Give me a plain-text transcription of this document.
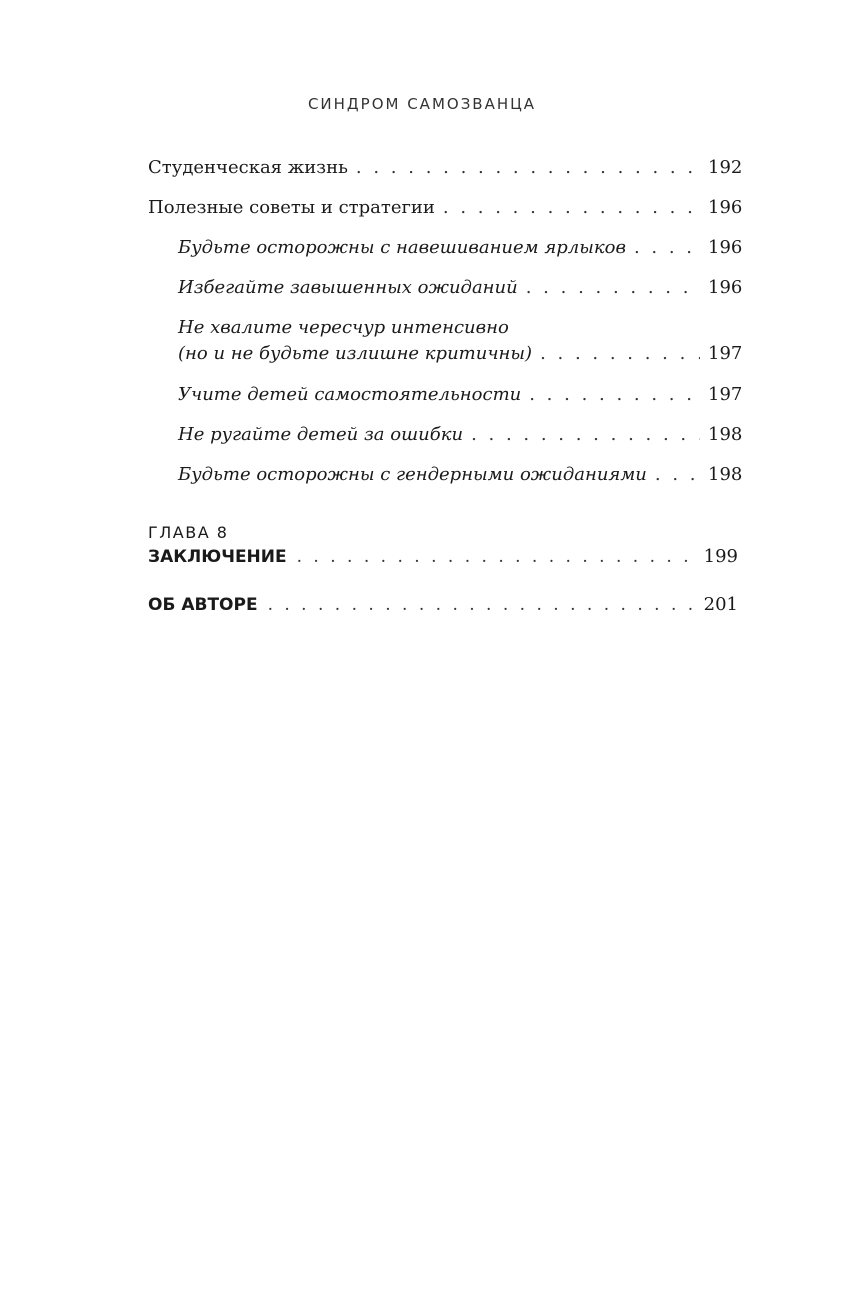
СИНДРОМ САМОЗВАНЦА
Студенческая жизнь . . .	192
Полезные советы и стратегии . . .	196
Будьте осторожны с навешиванием ярлыков . . .	196
Избегайте завышенных ожиданий . . .	196
Не хвалите чересчур интенсивно
(но и не будьте излишне критичны) . . .	197
Учите детей самостоятельности . . .	197
Не ругайте детей за ошибки . . .	198
Будьте осторожны с гендерными ожиданиями . . .	198
ГЛАВА 8
ЗАКЛЮЧЕНИЕ . . .	199
ОБ АВТОРЕ . . .	201
